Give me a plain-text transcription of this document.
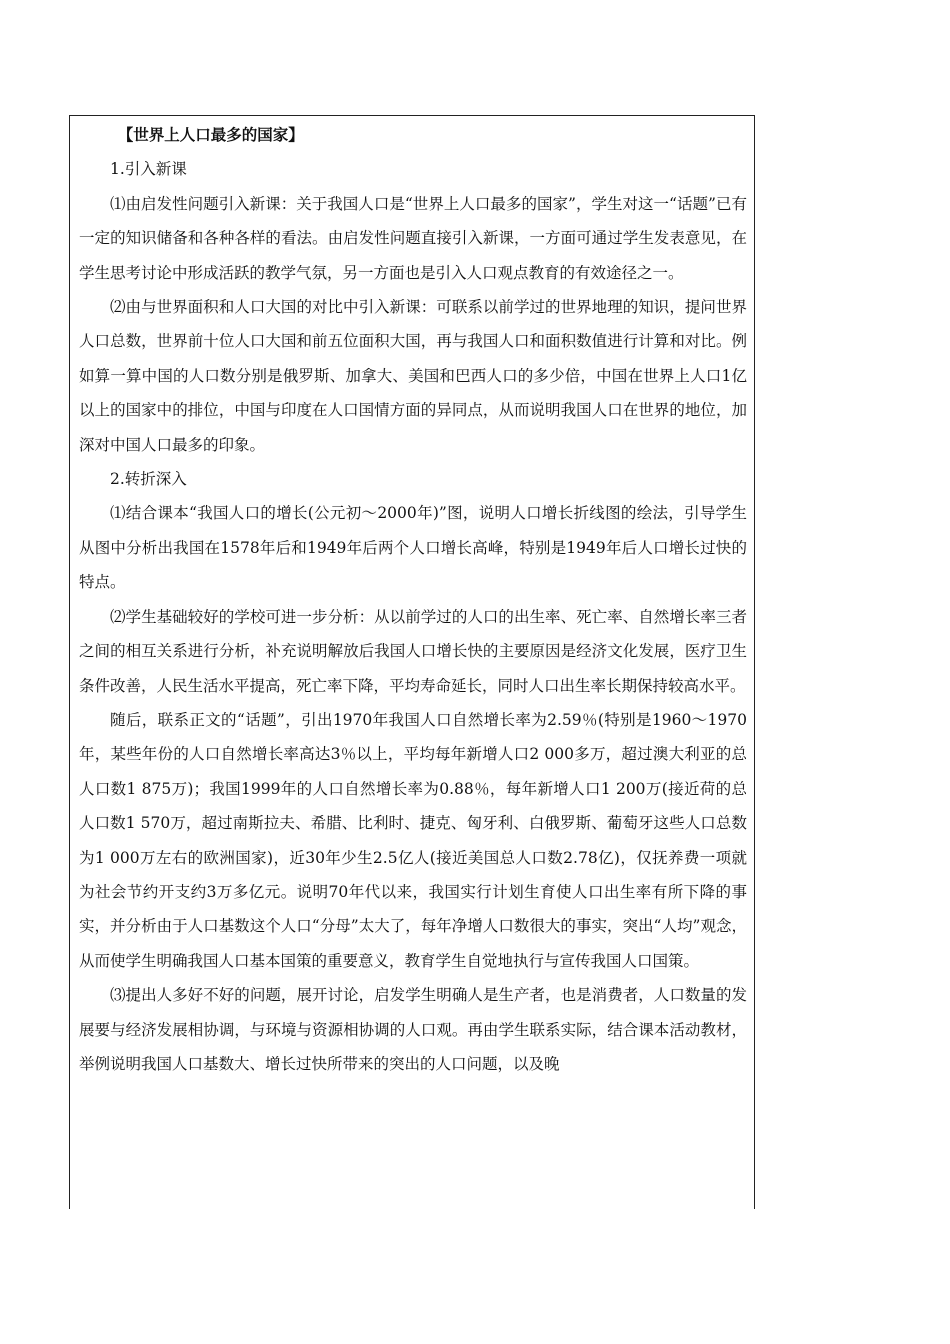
【世界上人口最多的国家】

1.引入新课

⑴由启发性问题引入新课：关于我国人口是“世界上人口最多的国家”，学生对这一“话题”已有一定的知识储备和各种各样的看法。由启发性问题直接引入新课，一方面可通过学生发表意见，在学生思考讨论中形成活跃的教学气氛，另一方面也是引入人口观点教育的有效途径之一。

⑵由与世界面积和人口大国的对比中引入新课：可联系以前学过的世界地理的知识，提问世界人口总数，世界前十位人口大国和前五位面积大国，再与我国人口和面积数值进行计算和对比。例如算一算中国的人口数分别是俄罗斯、加拿大、美国和巴西人口的多少倍，中国在世界上人口1亿以上的国家中的排位，中国与印度在人口国情方面的异同点，从而说明我国人口在世界的地位，加深对中国人口最多的印象。

2.转折深入

⑴结合课本“我国人口的增长(公元初～2000年)”图，说明人口增长折线图的绘法，引导学生从图中分析出我国在1578年后和1949年后两个人口增长高峰，特别是1949年后人口增长过快的特点。

⑵学生基础较好的学校可进一步分析：从以前学过的人口的出生率、死亡率、自然增长率三者之间的相互关系进行分析，补充说明解放后我国人口增长快的主要原因是经济文化发展，医疗卫生条件改善，人民生活水平提高，死亡率下降，平均寿命延长，同时人口出生率长期保持较高水平。

随后，联系正文的“话题”，引出1970年我国人口自然增长率为2.59％(特别是1960～1970年，某些年份的人口自然增长率高达3％以上，平均每年新增人口2 000多万，超过澳大利亚的总人口数1 875万)；我国1999年的人口自然增长率为0.88％，每年新增人口1 200万(接近荷的总人口数1 570万，超过南斯拉夫、希腊、比利时、捷克、匈牙利、白俄罗斯、葡萄牙这些人口总数为1 000万左右的欧洲国家)，近30年少生2.5亿人(接近美国总人口数2.78亿)，仅抚养费一项就为社会节约开支约3万多亿元。说明70年代以来，我国实行计划生育使人口出生率有所下降的事实，并分析由于人口基数这个人口“分母”太大了，每年净增人口数很大的事实，突出“人均”观念，从而使学生明确我国人口基本国策的重要意义，教育学生自觉地执行与宣传我国人口国策。

⑶提出人多好不好的问题，展开讨论，启发学生明确人是生产者，也是消费者，人口数量的发展要与经济发展相协调，与环境与资源相协调的人口观。再由学生联系实际，结合课本活动教材，举例说明我国人口基数大、增长过快所带来的突出的人口问题，以及晚
